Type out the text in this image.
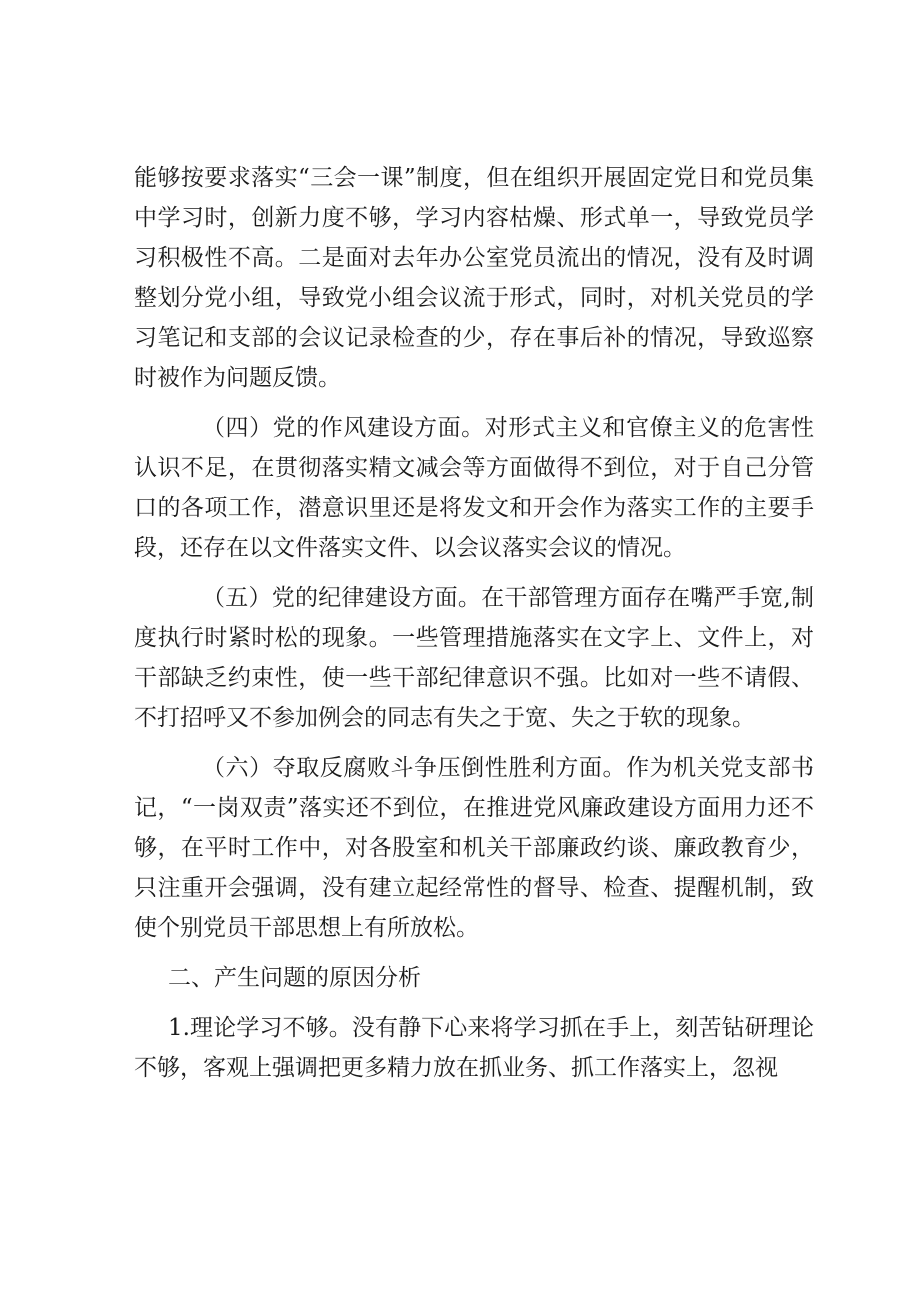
能够按要求落实“三会一课”制度，但在组织开展固定党日和党员集中学习时，创新力度不够，学习内容枯燥、形式单一，导致党员学习积极性不高。二是面对去年办公室党员流出的情况，没有及时调整划分党小组，导致党小组会议流于形式，同时，对机关党员的学习笔记和支部的会议记录检查的少，存在事后补的情况，导致巡察时被作为问题反馈。

（四）党的作风建设方面。对形式主义和官僚主义的危害性认识不足，在贯彻落实精文减会等方面做得不到位，对于自己分管口的各项工作，潜意识里还是将发文和开会作为落实工作的主要手段，还存在以文件落实文件、以会议落实会议的情况。

（五）党的纪律建设方面。在干部管理方面存在嘴严手宽,制度执行时紧时松的现象。一些管理措施落实在文字上、文件上，对干部缺乏约束性，使一些干部纪律意识不强。比如对一些不请假、不打招呼又不参加例会的同志有失之于宽、失之于软的现象。

（六）夺取反腐败斗争压倒性胜利方面。作为机关党支部书记，“一岗双责”落实还不到位，在推进党风廉政建设方面用力还不够，在平时工作中，对各股室和机关干部廉政约谈、廉政教育少，只注重开会强调，没有建立起经常性的督导、检查、提醒机制，致使个别党员干部思想上有所放松。

二、产生问题的原因分析

1.理论学习不够。没有静下心来将学习抓在手上，刻苦钻研理论不够，客观上强调把更多精力放在抓业务、抓工作落实上，忽视
